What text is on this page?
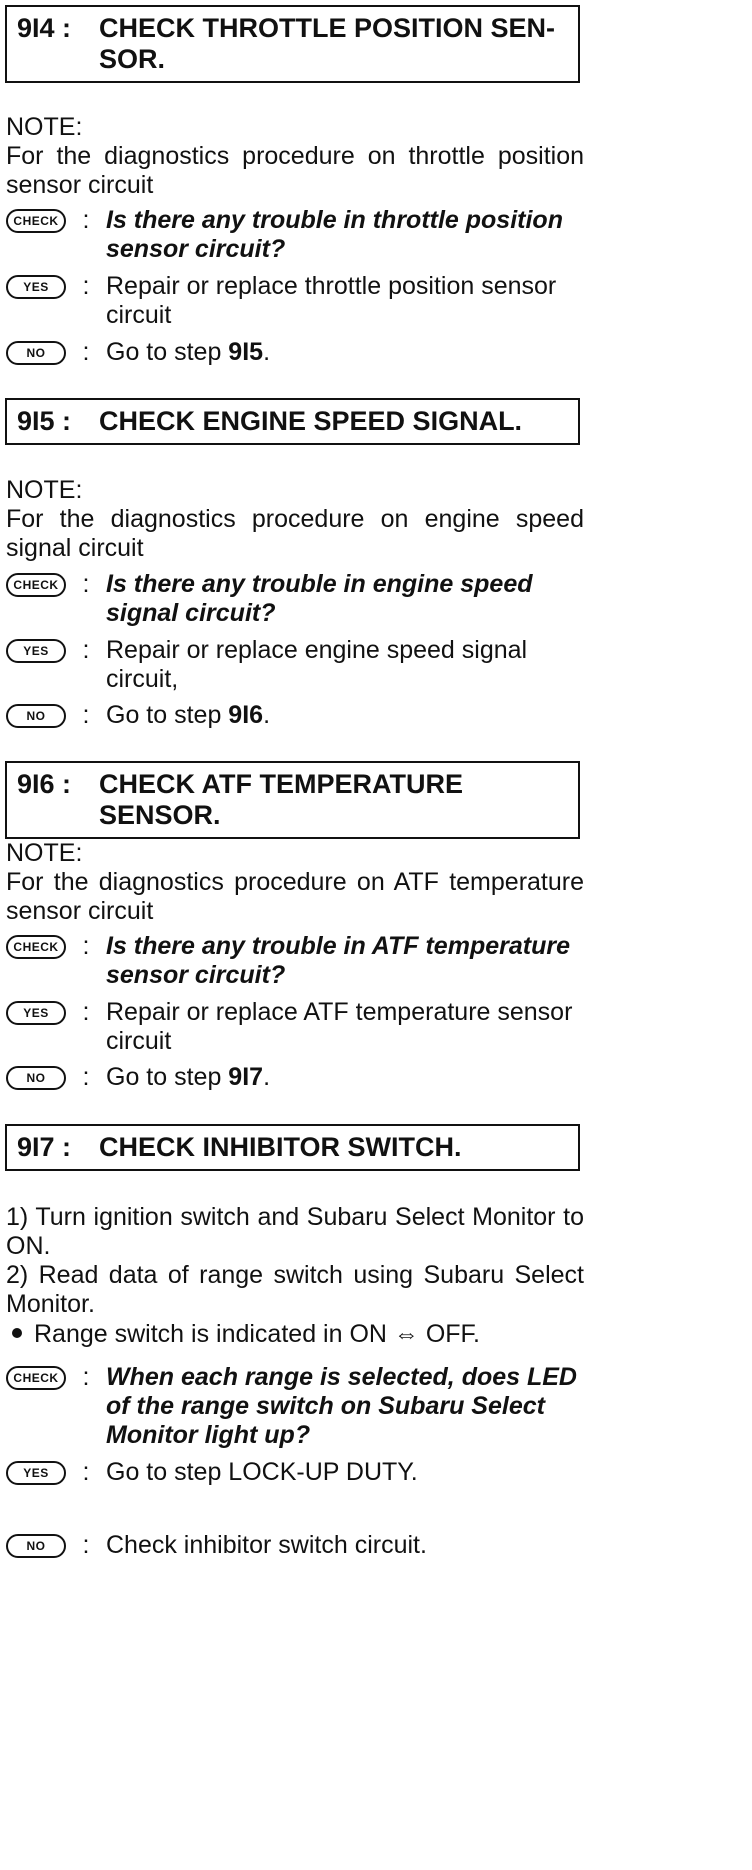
9I4 :	CHECK THROTTLE POSITION SEN-SOR.
NOTE:
For the diagnostics procedure on throttle position sensor circuit
CHECK : Is there any trouble in throttle position sensor circuit?
YES	: Repair or replace throttle position sensor circuit
NO	: Go to step 9I5.
9I5 :	CHECK ENGINE SPEED SIGNAL.
NOTE:
For the diagnostics procedure on engine speed signal circuit
CHECK : Is there any trouble in engine speed signal circuit?
YES	: Repair or replace engine speed signal circuit,
NO	: Go to step 9I6.
9I6 :	CHECK ATF TEMPERATURE SENSOR.
NOTE:
For the diagnostics procedure on ATF temperature sensor circuit
CHECK : Is there any trouble in ATF temperature sensor circuit?
YES	: Repair or replace ATF temperature sensor circuit
NO	: Go to step 9I7.
9I7 :	CHECK INHIBITOR SWITCH.
1) Turn ignition switch and Subaru Select Monitor to ON.
2) Read data of range switch using Subaru Select Monitor.
Range switch is indicated in ON ⇔ OFF.
CHECK : When each range is selected, does LED of the range switch on Subaru Select Monitor light up?
YES	: Go to step LOCK-UP DUTY.
NO	: Check inhibitor switch circuit.
